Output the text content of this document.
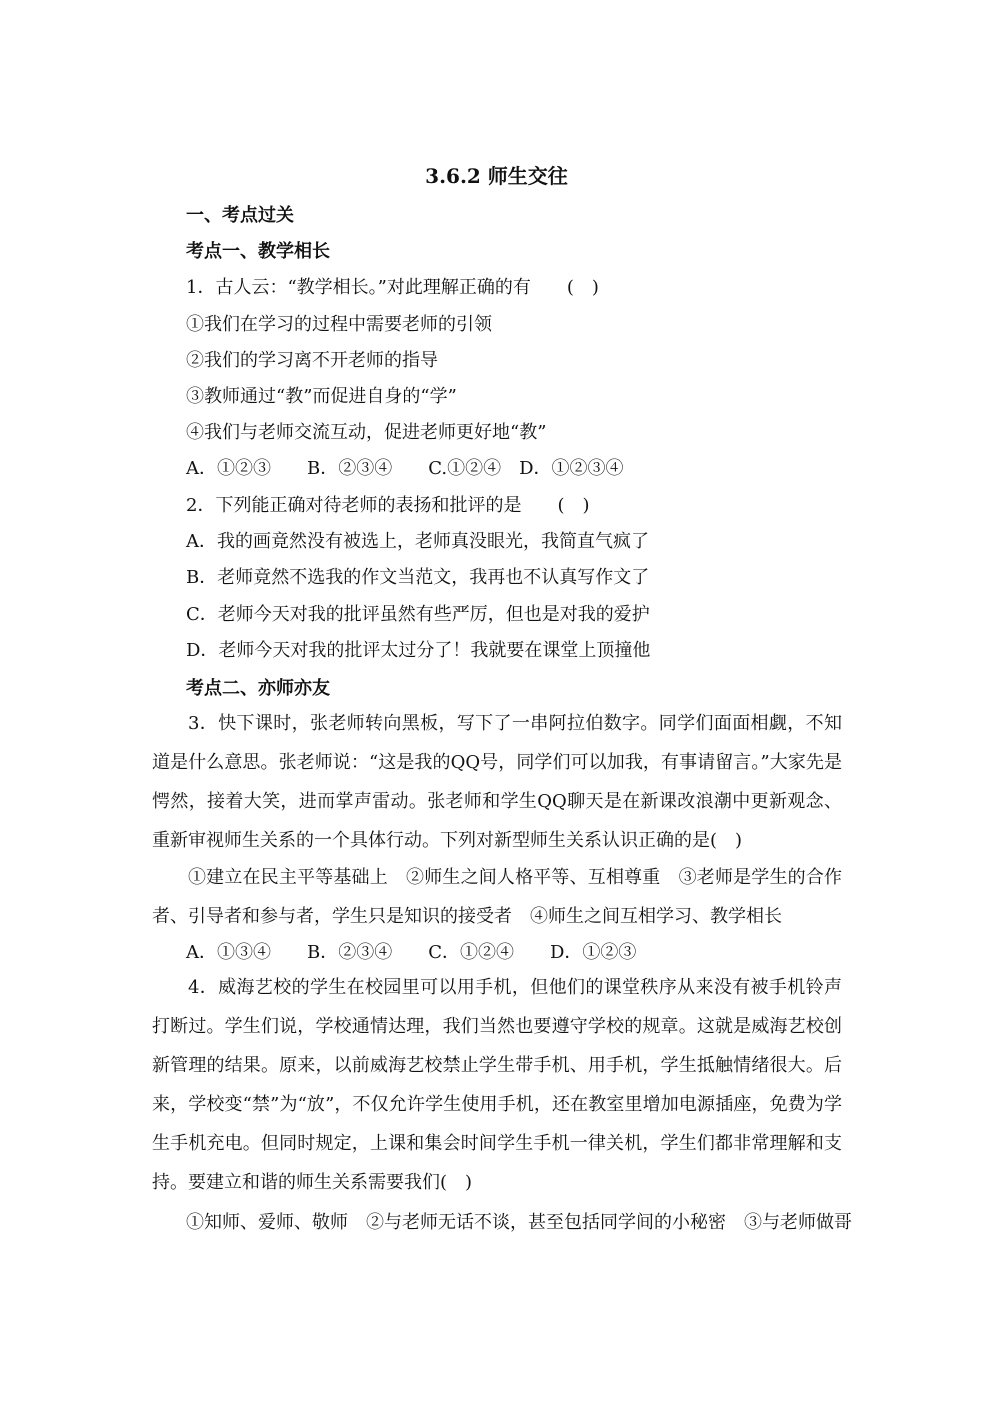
3.6.2 师生交往
一、考点过关
考点一、教学相长
1．古人云：“教学相长。”对此理解正确的有　　(　)
①我们在学习的过程中需要老师的引领
②我们的学习离不开老师的指导
③教师通过“教”而促进自身的“学”
④我们与老师交流互动，促进老师更好地“教”
A．①②③　　B．②③④　　C.①②④　D．①②③④
2．下列能正确对待老师的表扬和批评的是　　(　)
A．我的画竟然没有被选上，老师真没眼光，我简直气疯了
B．老师竟然不选我的作文当范文，我再也不认真写作文了
C．老师今天对我的批评虽然有些严厉，但也是对我的爱护
D．老师今天对我的批评太过分了！我就要在课堂上顶撞他
考点二、亦师亦友
3．快下课时，张老师转向黑板，写下了一串阿拉伯数字。同学们面面相觑，不知道是什么意思。张老师说：“这是我的QQ号，同学们可以加我，有事请留言。”大家先是愕然，接着大笑，进而掌声雷动。张老师和学生QQ聊天是在新课改浪潮中更新观念、重新审视师生关系的一个具体行动。下列对新型师生关系认识正确的是(　)
①建立在民主平等基础上　②师生之间人格平等、互相尊重　③老师是学生的合作者、引导者和参与者，学生只是知识的接受者　④师生之间互相学习、教学相长
A．①③④　　B．②③④　　C．①②④　　D．①②③
4．威海艺校的学生在校园里可以用手机，但他们的课堂秩序从来没有被手机铃声打断过。学生们说，学校通情达理，我们当然也要遵守学校的规章。这就是威海艺校创新管理的结果。原来，以前威海艺校禁止学生带手机、用手机，学生抵触情绪很大。后来，学校变“禁”为“放”，不仅允许学生使用手机，还在教室里增加电源插座，免费为学生手机充电。但同时规定，上课和集会时间学生手机一律关机，学生们都非常理解和支持。要建立和谐的师生关系需要我们(　)
①知师、爱师、敬师　②与老师无话不谈，甚至包括同学间的小秘密　③与老师做哥
